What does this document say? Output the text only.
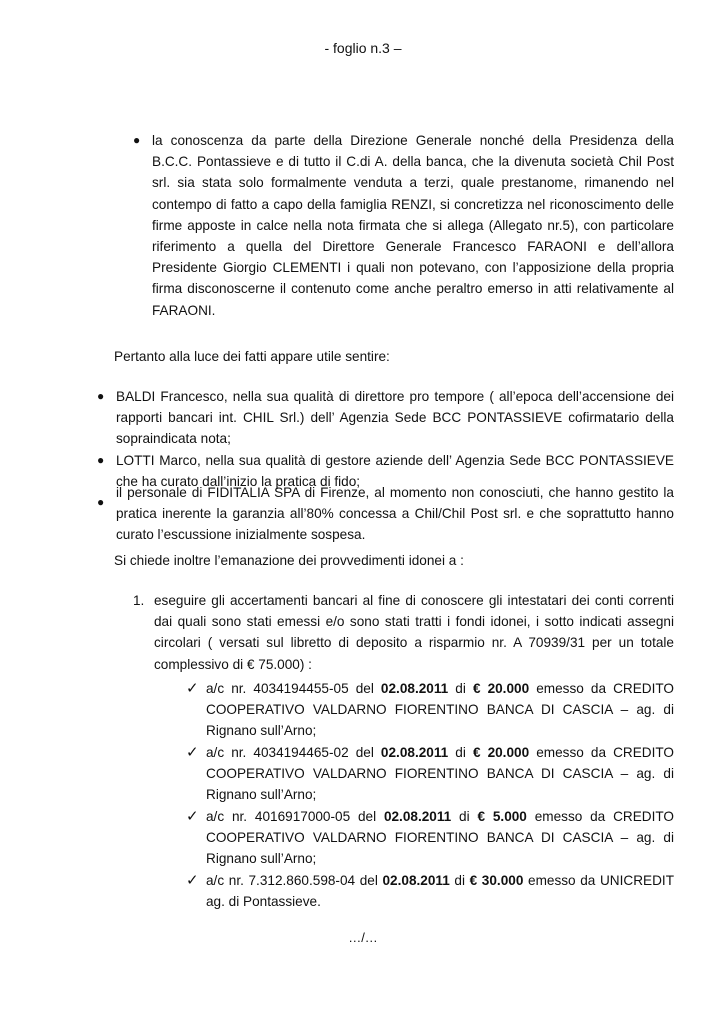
- foglio n.3 –
● la conoscenza da parte della Direzione Generale nonché della Presidenza della B.C.C. Pontassieve e di tutto il C.di A. della banca, che la divenuta società Chil Post srl. sia stata solo formalmente venduta a terzi, quale prestanome, rimanendo nel contempo di fatto a capo della famiglia RENZI, si concretizza nel riconoscimento delle firme apposte in calce nella nota firmata che si allega (Allegato nr.5), con particolare riferimento a quella del Direttore Generale Francesco FARAONI e dell’allora Presidente Giorgio CLEMENTI i quali non potevano, con l’apposizione della propria firma disconoscerne il contenuto come anche peraltro emerso in atti relativamente al FARAONI.
Pertanto alla luce dei fatti appare utile sentire:
● BALDI Francesco, nella sua qualità di direttore pro tempore ( all’epoca dell’accensione dei rapporti bancari int. CHIL Srl.) dell’ Agenzia Sede BCC PONTASSIEVE cofirmatario della sopraindicata nota;
● LOTTI Marco, nella sua qualità di gestore aziende dell’ Agenzia Sede BCC PONTASSIEVE che ha curato dall’inizio la pratica di fido;
●
il personale di FIDITALIA SPA di Firenze, al momento non conosciuti, che hanno gestito la pratica inerente la garanzia all’80% concessa a Chil/Chil Post srl. e che soprattutto hanno curato l’escussione inizialmente sospesa.
Si chiede inoltre l’emanazione dei provvedimenti idonei a :
1. eseguire gli accertamenti bancari al fine di conoscere gli intestatari dei conti correnti dai quali sono stati emessi e/o sono stati tratti i fondi idonei, i sotto indicati assegni circolari ( versati sul libretto di deposito a risparmio nr. A 70939/31 per un totale complessivo di € 75.000) :
✓ a/c nr. 4034194455-05 del 02.08.2011 di € 20.000 emesso da CREDITO COOPERATIVO VALDARNO FIORENTINO BANCA DI CASCIA – ag. di Rignano sull’Arno;
✓ a/c nr. 4034194465-02 del 02.08.2011 di € 20.000 emesso da CREDITO COOPERATIVO VALDARNO FIORENTINO BANCA DI CASCIA – ag. di Rignano sull’Arno;
✓ a/c nr. 4016917000-05 del 02.08.2011 di € 5.000 emesso da CREDITO COOPERATIVO VALDARNO FIORENTINO BANCA DI CASCIA – ag. di Rignano sull’Arno;
✓ a/c nr. 7.312.860.598-04 del 02.08.2011 di € 30.000 emesso da UNICREDIT ag. di Pontassieve.
…/…
